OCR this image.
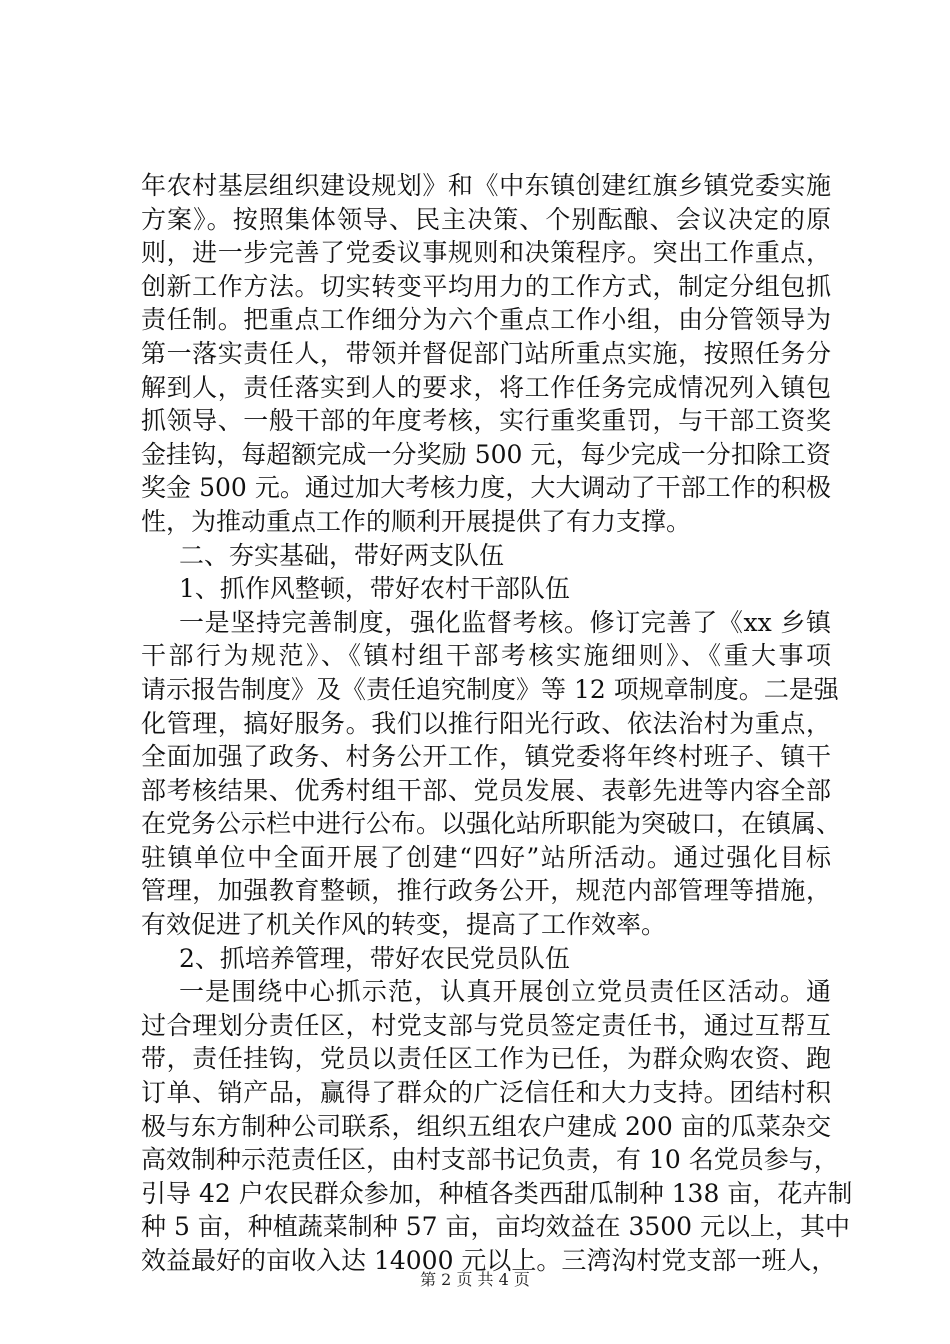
年农村基层组织建设规划》和《中东镇创建红旗乡镇党委实施
方案》。按照集体领导、民主决策、个别酝酿、会议决定的原
则，进一步完善了党委议事规则和决策程序。突出工作重点，
创新工作方法。切实转变平均用力的工作方式，制定分组包抓
责任制。把重点工作细分为六个重点工作小组，由分管领导为
第一落实责任人，带领并督促部门站所重点实施，按照任务分
解到人，责任落实到人的要求，将工作任务完成情况列入镇包
抓领导、一般干部的年度考核，实行重奖重罚，与干部工资奖
金挂钩，每超额完成一分奖励 500 元，每少完成一分扣除工资
奖金 500 元。通过加大考核力度，大大调动了干部工作的积极
性，为推动重点工作的顺利开展提供了有力支撑。
二、夯实基础，带好两支队伍
1、抓作风整顿，带好农村干部队伍
一是坚持完善制度，强化监督考核。修订完善了《xx 乡镇
干部行为规范》、《镇村组干部考核实施细则》、《重大事项
请示报告制度》及《责任追究制度》等 12 项规章制度。二是强
化管理，搞好服务。我们以推行阳光行政、依法治村为重点，
全面加强了政务、村务公开工作，镇党委将年终村班子、镇干
部考核结果、优秀村组干部、党员发展、表彰先进等内容全部
在党务公示栏中进行公布。以强化站所职能为突破口，在镇属、
驻镇单位中全面开展了创建“四好”站所活动。通过强化目标
管理，加强教育整顿，推行政务公开，规范内部管理等措施，
有效促进了机关作风的转变，提高了工作效率。
2、抓培养管理，带好农民党员队伍
一是围绕中心抓示范，认真开展创立党员责任区活动。通
过合理划分责任区，村党支部与党员签定责任书，通过互帮互
带，责任挂钩，党员以责任区工作为已任，为群众购农资、跑
订单、销产品，赢得了群众的广泛信任和大力支持。团结村积
极与东方制种公司联系，组织五组农户建成 200 亩的瓜菜杂交
高效制种示范责任区，由村支部书记负责，有 10 名党员参与，
引导 42 户农民群众参加，种植各类西甜瓜制种 138 亩，花卉制
种 5 亩，种植蔬菜制种 57 亩，亩均效益在 3500 元以上，其中
效益最好的亩收入达 14000 元以上。三湾沟村党支部一班人，
第 2 页 共 4 页
